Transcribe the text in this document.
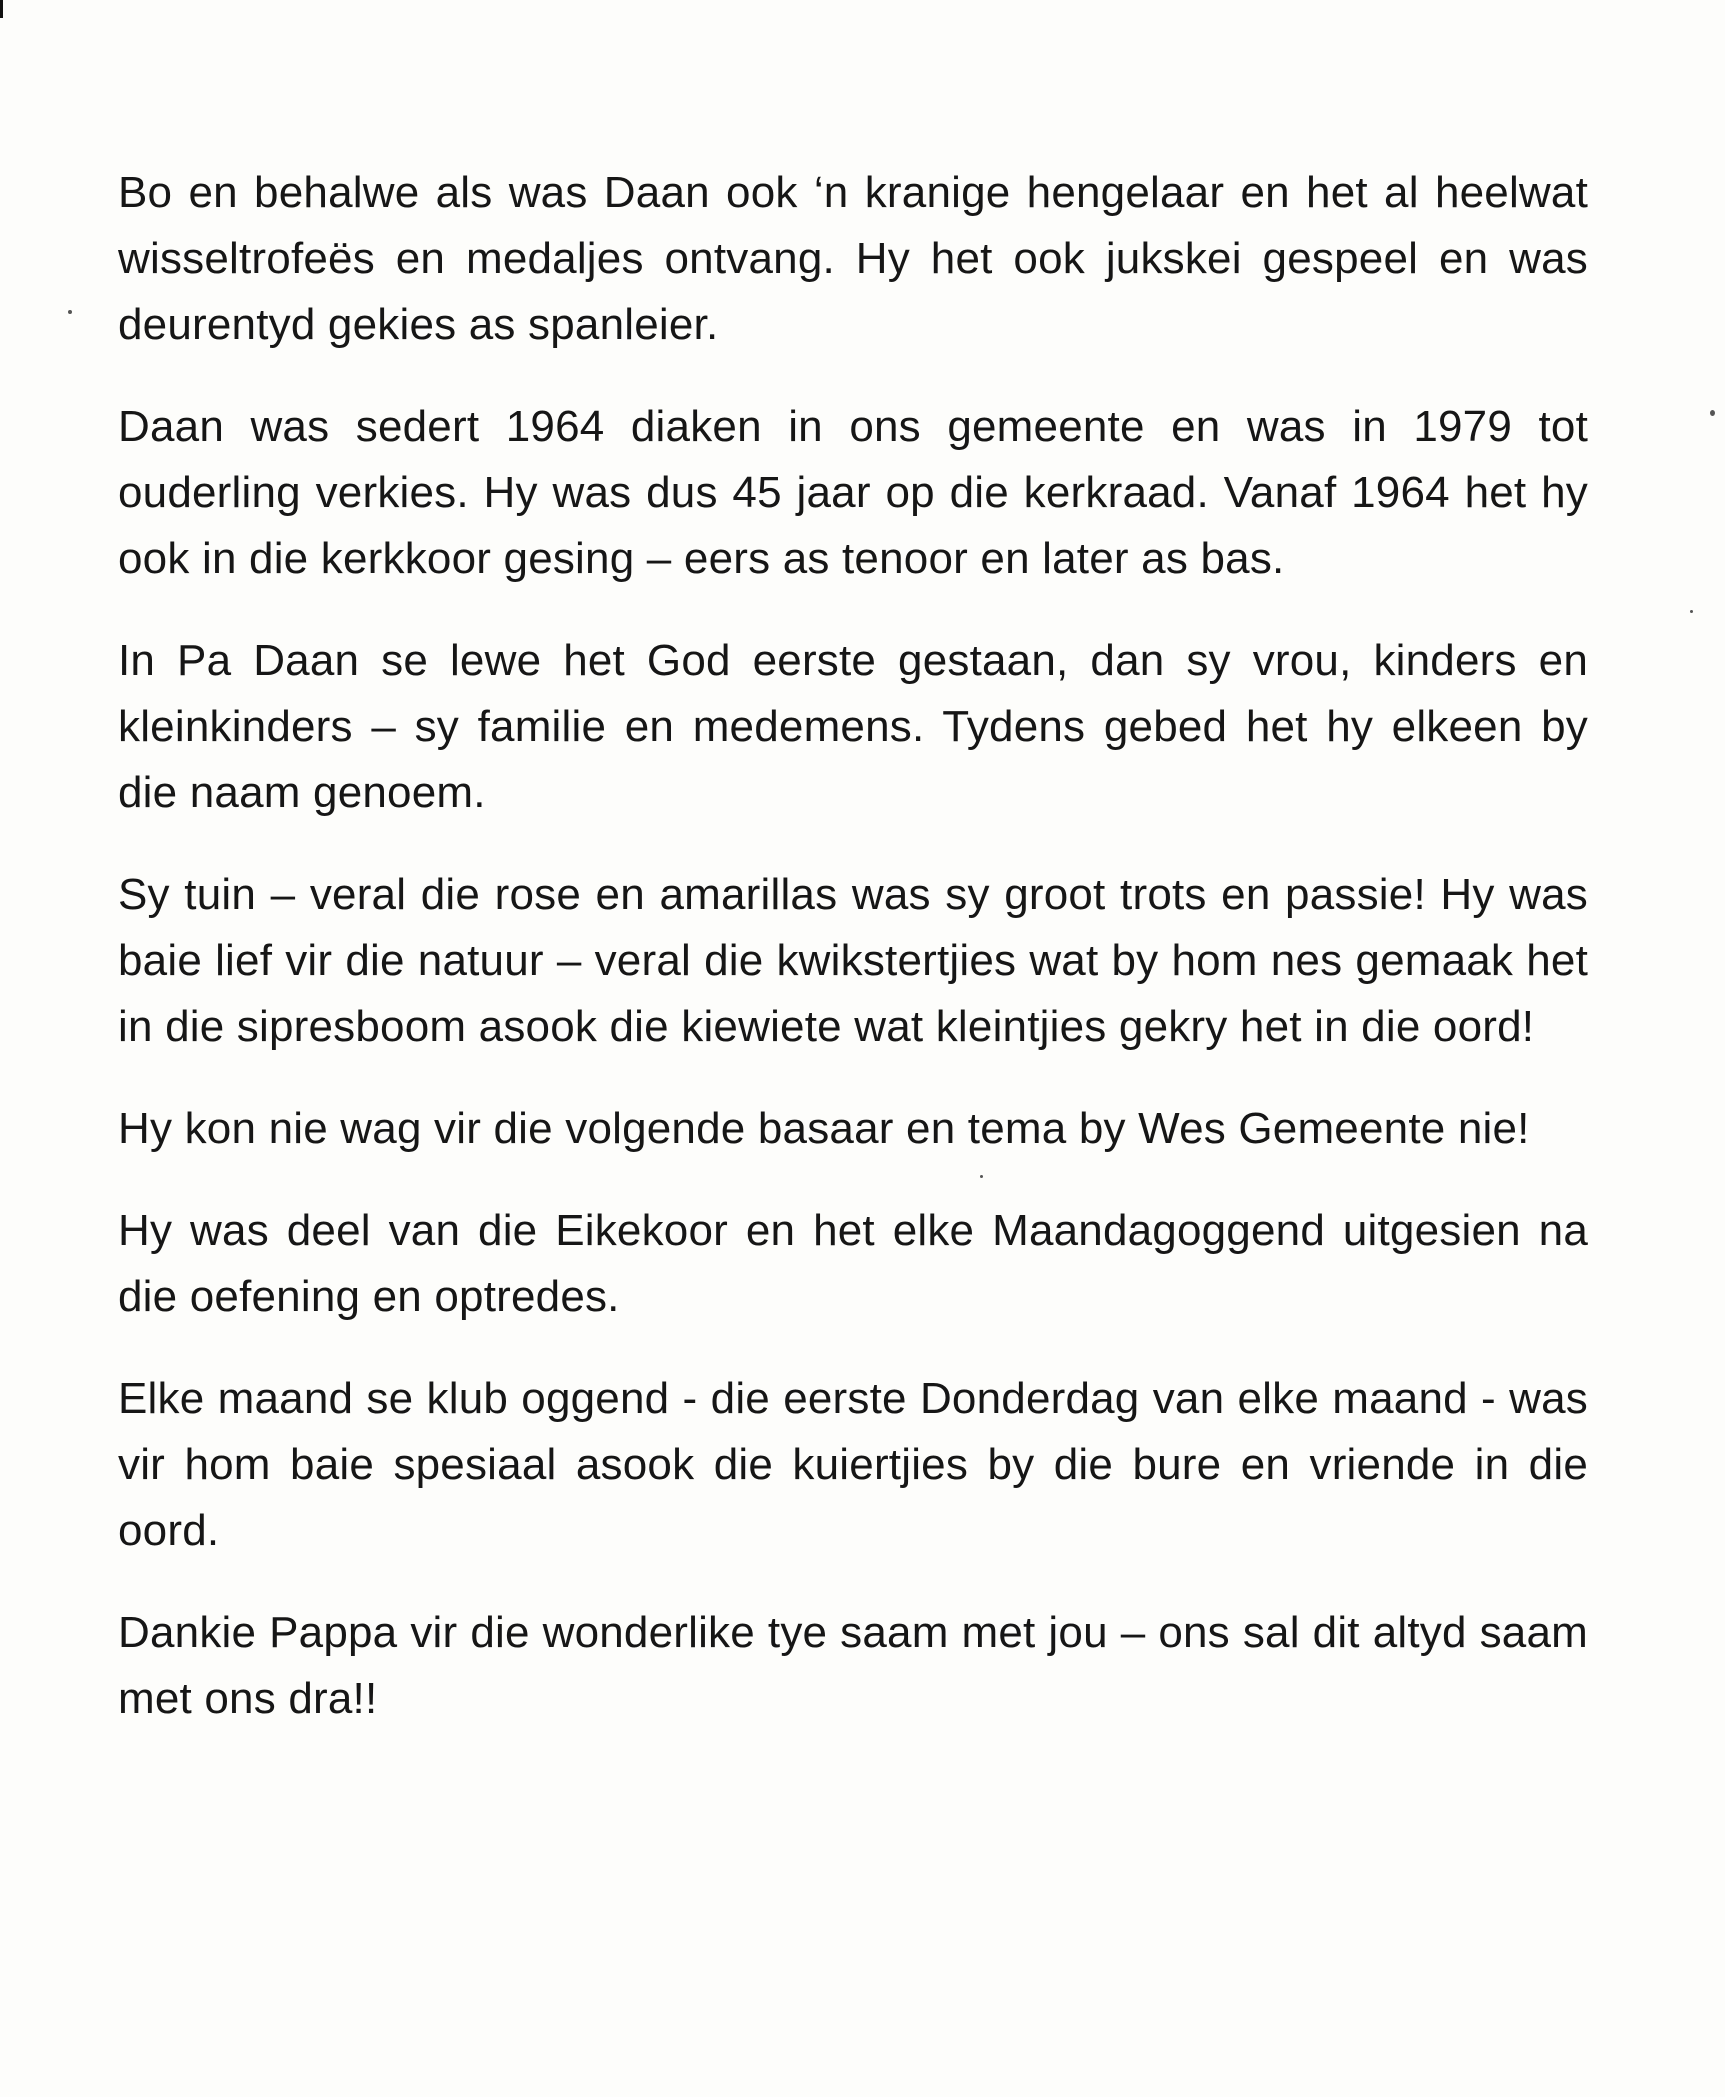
Bo en behalwe als was Daan ook ‘n kranige hengelaar en het al heelwat wisseltrofeës en medaljes ontvang. Hy het ook jukskei gespeel en was deurentyd gekies as spanleier.

Daan was sedert 1964 diaken in ons gemeente en was in 1979 tot ouderling verkies. Hy was dus 45 jaar op die kerkraad. Vanaf 1964 het hy ook in die kerkkoor gesing – eers as tenoor en later as bas.

In Pa Daan se lewe het God eerste gestaan, dan sy vrou, kinders en kleinkinders – sy familie en medemens. Tydens gebed het hy elkeen by die naam genoem.

Sy tuin – veral die rose en amarillas was sy groot trots en passie! Hy was baie lief vir die natuur – veral die kwikstertjies wat by hom nes gemaak het in die sipresboom asook die kiewiete wat kleintjies gekry het in die oord!

Hy kon nie wag vir die volgende basaar en tema by Wes Gemeente nie!

Hy was deel van die Eikekoor en het elke Maandagoggend uitgesien na die oefening en optredes.

Elke maand se klub oggend - die eerste Donderdag van elke maand - was vir hom baie spesiaal asook die kuiertjies by die bure en vriende in die oord.

Dankie Pappa vir die wonderlike tye saam met jou – ons sal dit altyd saam met ons dra!!
